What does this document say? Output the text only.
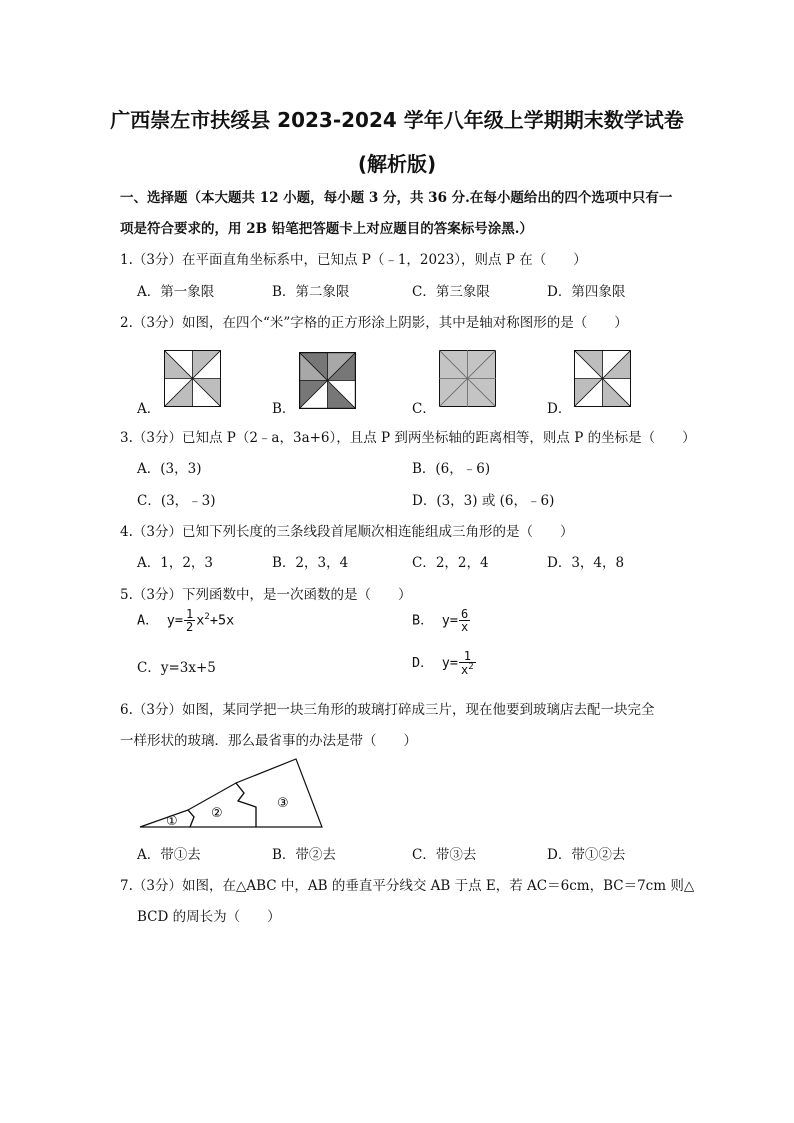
广西崇左市扶绥县 2023-2024 学年八年级上学期期末数学试卷
(解析版)
一、选择题（本大题共 12 小题，每小题 3 分，共 36 分.在每小题给出的四个选项中只有一
项是符合要求的，用 2B 铅笔把答题卡上对应题目的答案标号涂黑.）
1.（3分）在平面直角坐标系中，已知点 P（﹣1，2023），则点 P 在（　　）
A．第一象限	B．第二象限	C．第三象限	D．第四象限
2.（3分）如图，在四个“米”字格的正方形涂上阴影，其中是轴对称图形的是（　　）
A．	B．	C．	D．
3.（3分）已知点 P（2﹣a，3a+6），且点 P 到两坐标轴的距离相等，则点 P 的坐标是（　　）
A．(3，3)	B．(6，﹣6)
C．(3，﹣3)	D．(3，3) 或 (6，﹣6)
4.（3分）已知下列长度的三条线段首尾顺次相连能组成三角形的是（　　）
A．1，2，3	B．2，3，4	C．2，2，4	D．3，4，8
5.（3分）下列函数中，是一次函数的是（　　）
A． $y= \frac{1}{2} x^2+5x$	B． $y= \frac{6}{x}$
C．y=3x+5	D． $y= \frac{1}{x^2}$
6.（3分）如图，某同学把一块三角形的玻璃打碎成三片，现在他要到玻璃店去配一块完全
一样形状的玻璃．那么最省事的办法是带（　　）
①
②
③
A．带①去	B．带②去	C．带③去	D．带①②去
7.（3分）如图，在△ABC 中，AB 的垂直平分线交 AB 于点 E，若 AC＝6cm，BC＝7cm 则△
BCD 的周长为（　　）
